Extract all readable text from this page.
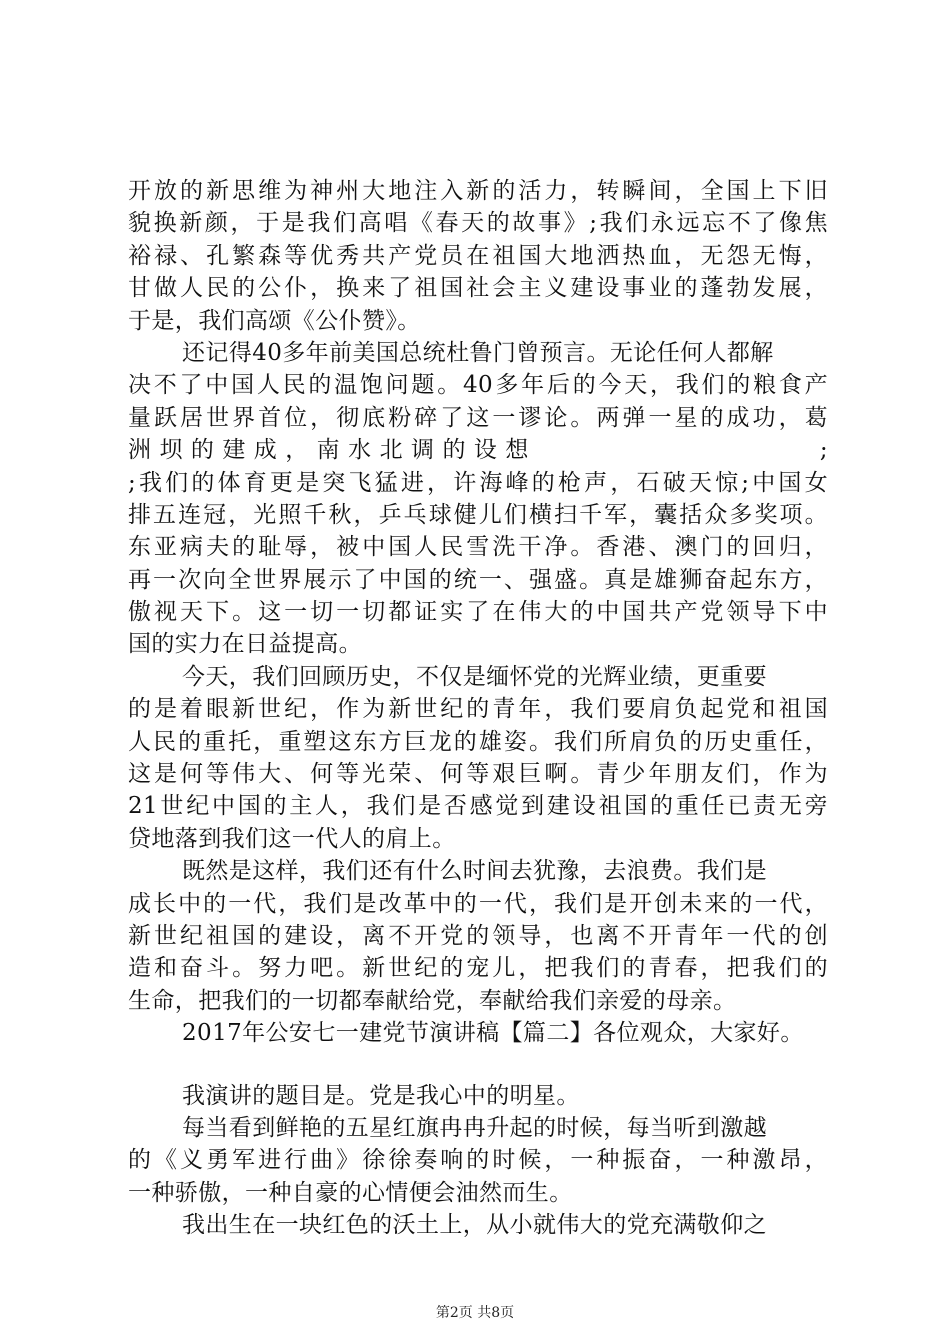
开放的新思维为神州大地注入新的活力，转瞬间，全国上下旧
貌换新颜，于是我们高唱《春天的故事》;我们永远忘不了像焦
裕禄、孔繁森等优秀共产党员在祖国大地洒热血，无怨无悔，
甘做人民的公仆，换来了祖国社会主义建设事业的蓬勃发展，
于是，我们高颂《公仆赞》。
还记得40多年前美国总统杜鲁门曾预言。无论任何人都解
决不了中国人民的温饱问题。40多年后的今天，我们的粮食产
量跃居世界首位，彻底粉碎了这一谬论。两弹一星的成功，葛
洲坝的建成，南水北调的设想　　　　　　　　　;
;我们的体育更是突飞猛进，许海峰的枪声，石破天惊;中国女
排五连冠，光照千秋，乒乓球健儿们横扫千军，囊括众多奖项。
东亚病夫的耻辱，被中国人民雪洗干净。香港、澳门的回归，
再一次向全世界展示了中国的统一、强盛。真是雄狮奋起东方，
傲视天下。这一切一切都证实了在伟大的中国共产党领导下中
国的实力在日益提高。
今天，我们回顾历史，不仅是缅怀党的光辉业绩，更重要
的是着眼新世纪，作为新世纪的青年，我们要肩负起党和祖国
人民的重托，重塑这东方巨龙的雄姿。我们所肩负的历史重任，
这是何等伟大、何等光荣、何等艰巨啊。青少年朋友们，作为
21世纪中国的主人，我们是否感觉到建设祖国的重任已责无旁
贷地落到我们这一代人的肩上。
既然是这样，我们还有什么时间去犹豫，去浪费。我们是
成长中的一代，我们是改革中的一代，我们是开创未来的一代，
新世纪祖国的建设，离不开党的领导，也离不开青年一代的创
造和奋斗。努力吧。新世纪的宠儿，把我们的青春，把我们的
生命，把我们的一切都奉献给党，奉献给我们亲爱的母亲。
2017年公安七一建党节演讲稿【篇二】各位观众，大家好。
我演讲的题目是。党是我心中的明星。
每当看到鲜艳的五星红旗冉冉升起的时候，每当听到激越
的《义勇军进行曲》徐徐奏响的时候，一种振奋，一种激昂，
一种骄傲，一种自豪的心情便会油然而生。
我出生在一块红色的沃土上，从小就伟大的党充满敬仰之
第2页 共8页
